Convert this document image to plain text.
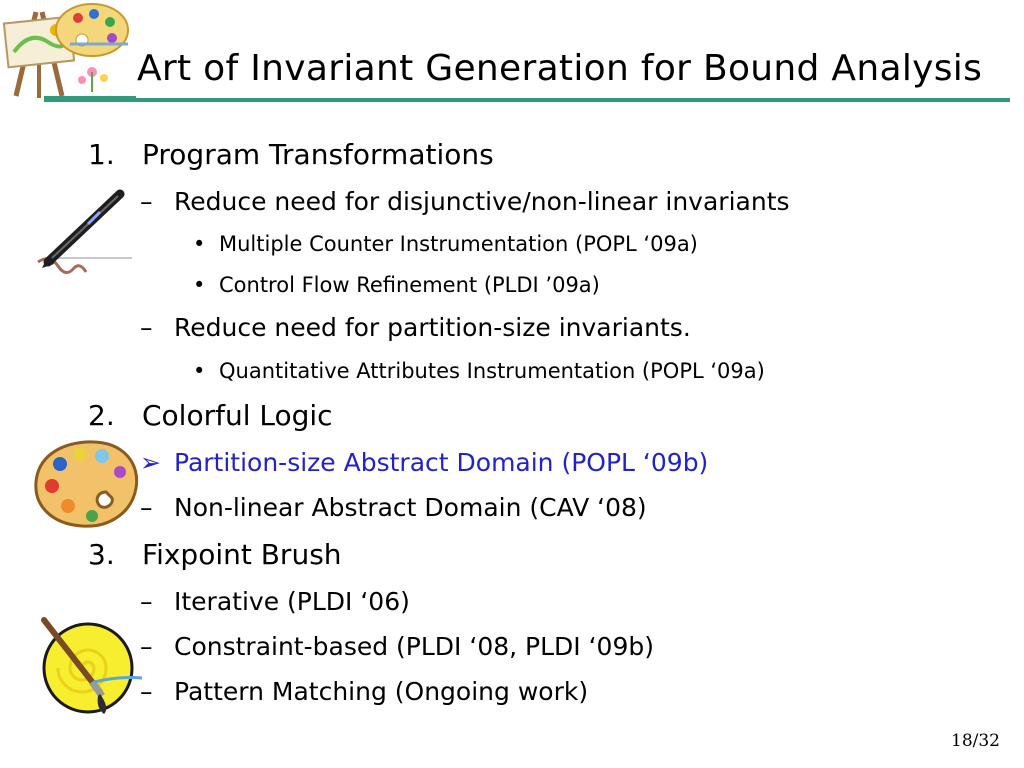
Art of Invariant Generation for Bound Analysis
1. Program Transformations
– Reduce need for disjunctive/non-linear invariants
• Multiple Counter Instrumentation (POPL ‘09a)
• Control Flow Refinement (PLDI ’09a)
– Reduce need for partition-size invariants.
• Quantitative Attributes Instrumentation (POPL ‘09a)
2. Colorful Logic
➢ Partition-size Abstract Domain (POPL ‘09b)
– Non-linear Abstract Domain (CAV ‘08)
3. Fixpoint Brush
– Iterative (PLDI ‘06)
– Constraint-based (PLDI ‘08, PLDI ‘09b)
– Pattern Matching (Ongoing work)
18/32
